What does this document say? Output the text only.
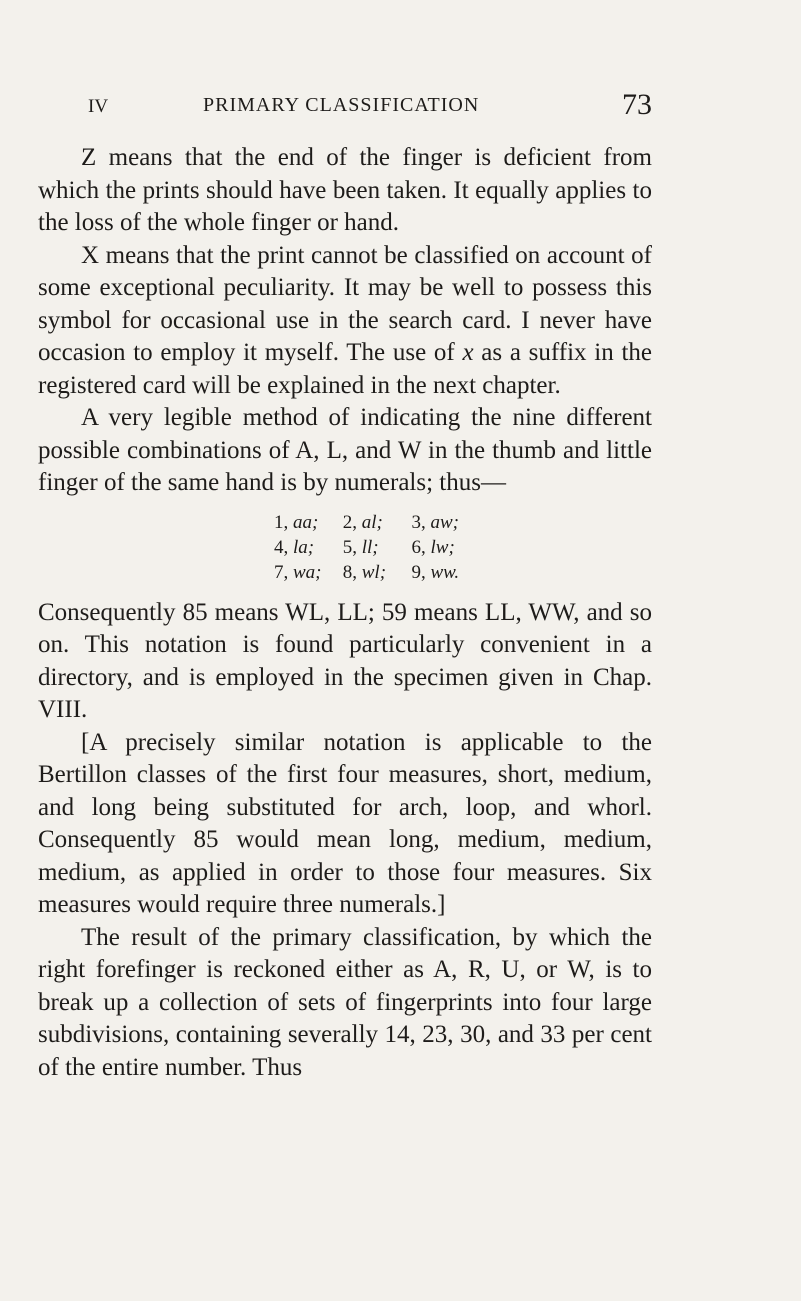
IV	PRIMARY CLASSIFICATION	73

Z means that the end of the finger is deficient from which the prints should have been taken. It equally applies to the loss of the whole finger or hand.

X means that the print cannot be classified on account of some exceptional peculiarity. It may be well to possess this symbol for occasional use in the search card. I never have occasion to employ it myself. The use of x as a suffix in the registered card will be explained in the next chapter.

A very legible method of indicating the nine different possible combinations of A, L, and W in the thumb and little finger of the same hand is by numerals; thus—

1, aa; 2, al; 3, aw;
4, la; 5, ll; 6, lw;
7, wa; 8, wl; 9, ww.

Consequently 85 means WL, LL; 59 means LL, WW, and so on. This notation is found particularly convenient in a directory, and is employed in the specimen given in Chap. VIII.

[A precisely similar notation is applicable to the Bertillon classes of the first four measures, short, medium, and long being substituted for arch, loop, and whorl. Consequently 85 would mean long, medium, medium, medium, as applied in order to those four measures. Six measures would require three numerals.]

The result of the primary classification, by which the right forefinger is reckoned either as A, R, U, or W, is to break up a collection of sets of fingerprints into four large subdivisions, containing severally 14, 23, 30, and 33 per cent of the entire number. Thus
